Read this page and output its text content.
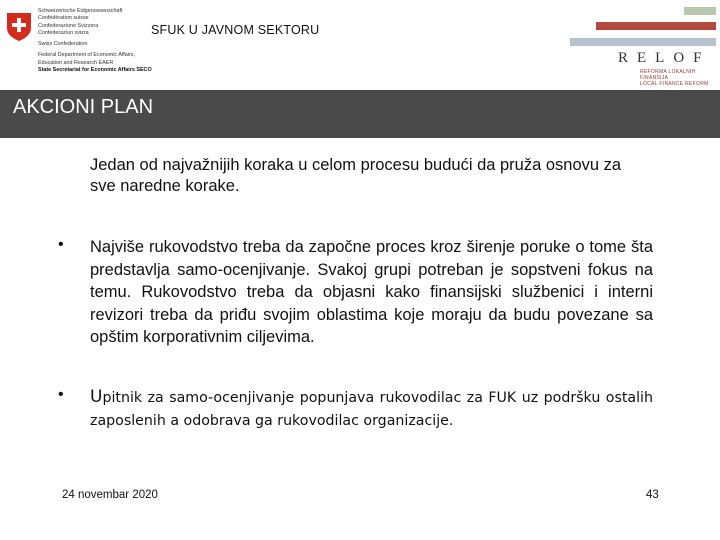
Schweizerische Eidgenossenschaft
Confédération suisse
Confederazione Svizzera
Confederaziun svizra
Swiss Confederation
Federal Department of Economic Affairs,
Education and Research EAER
State Secretariat for Economic Affairs SECO
SFUK U JAVNOM SEKTORU
RELOF
REFORMA LOKALNIH FINANSIJA
LOCAL FINANCE REFORM
AKCIONI PLAN
Jedan od najvažnijih koraka u celom procesu budući da pruža osnovu za sve naredne korake.
• Najviše rukovodstvo treba da započne proces kroz širenje poruke o tome šta predstavlja samo-ocenjivanje. Svakoj grupi potreban je sopstveni fokus na temu. Rukovodstvo treba da objasni kako finansijski službenici i interni revizori treba da priđu svojim oblastima koje moraju da budu povezane sa opštim korporativnim ciljevima.
• Upitnik za samo-ocenjivanje popunjava rukovodilac za FUK uz podršku ostalih zaposlenih a odobrava ga rukovodilac organizacije.
24 novembar 2020	43
